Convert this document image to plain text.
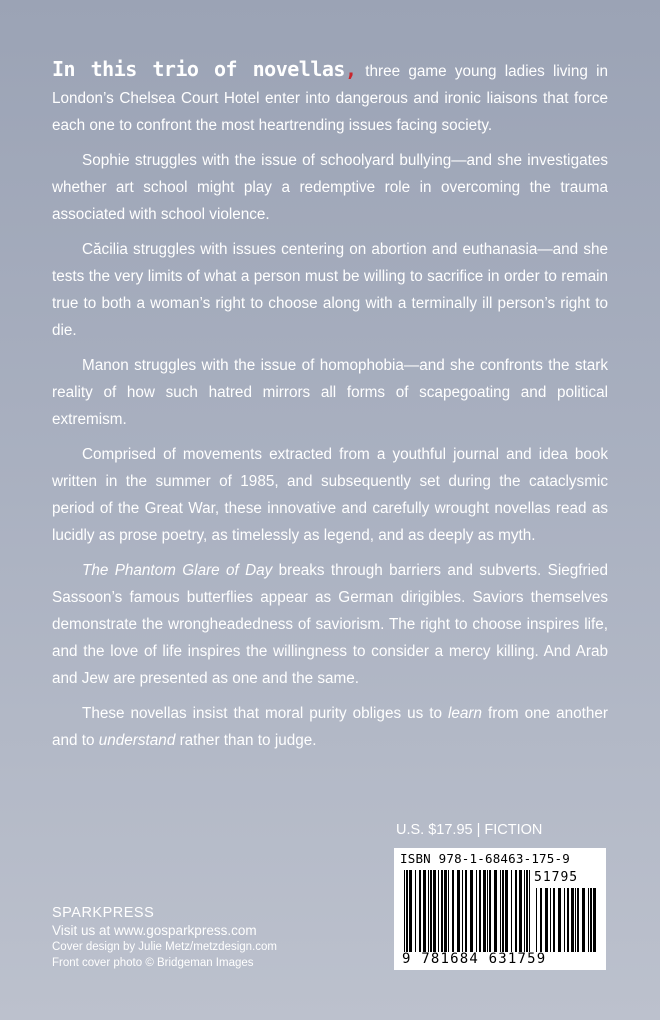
In this trio of novellas, three game young ladies living in London’s Chelsea Court Hotel enter into dangerous and ironic liaisons that force each one to confront the most heartrending issues facing society.

Sophie struggles with the issue of schoolyard bullying—and she investigates whether art school might play a redemptive role in overcoming the trauma associated with school violence.

Căcilia struggles with issues centering on abortion and euthanasia—and she tests the very limits of what a person must be willing to sacrifice in order to remain true to both a woman’s right to choose along with a terminally ill person’s right to die.

Manon struggles with the issue of homophobia—and she confronts the stark reality of how such hatred mirrors all forms of scapegoating and political extremism.

Comprised of movements extracted from a youthful journal and idea book written in the summer of 1985, and subsequently set during the cataclysmic period of the Great War, these innovative and carefully wrought novellas read as lucidly as prose poetry, as timelessly as legend, and as deeply as myth.

The Phantom Glare of Day breaks through barriers and subverts. Siegfried Sassoon’s famous butterflies appear as German dirigibles. Saviors themselves demonstrate the wrongheadedness of saviorism. The right to choose inspires life, and the love of life inspires the willingness to consider a mercy killing. And Arab and Jew are presented as one and the same.

These novellas insist that moral purity obliges us to learn from one another and to understand rather than to judge.

U.S. $17.95 | FICTION
ISBN 978-1-68463-175-9
51795
9 781684 631759
SPARKPRESS
Visit us at www.gosparkpress.com
Cover design by Julie Metz/metzdesign.com
Front cover photo © Bridgeman Images
